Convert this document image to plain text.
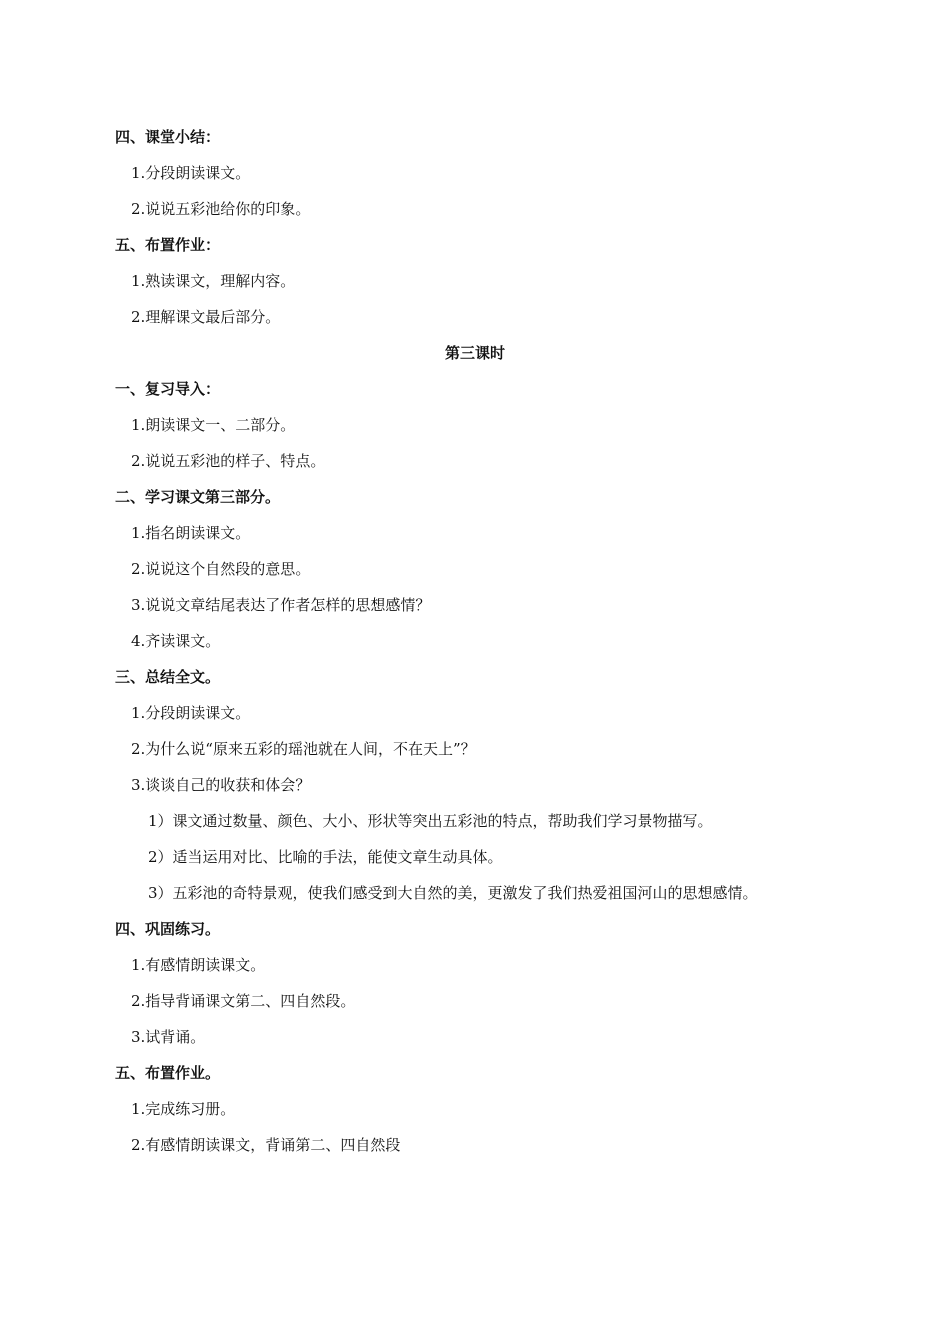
四、课堂小结：
1.分段朗读课文。
2.说说五彩池给你的印象。
五、布置作业：
1.熟读课文，理解内容。
2.理解课文最后部分。
第三课时
一、复习导入：
1.朗读课文一、二部分。
2.说说五彩池的样子、特点。
二、学习课文第三部分。
1.指名朗读课文。
2.说说这个自然段的意思。
3.说说文章结尾表达了作者怎样的思想感情？
4.齐读课文。
三、总结全文。
1.分段朗读课文。
2.为什么说“原来五彩的瑶池就在人间，不在天上”？
3.谈谈自己的收获和体会？
1）课文通过数量、颜色、大小、形状等突出五彩池的特点，帮助我们学习景物描写。
2）适当运用对比、比喻的手法，能使文章生动具体。
3）五彩池的奇特景观，使我们感受到大自然的美，更激发了我们热爱祖国河山的思想感情。
四、巩固练习。
1.有感情朗读课文。
2.指导背诵课文第二、四自然段。
3.试背诵。
五、布置作业。
1.完成练习册。
2.有感情朗读课文，背诵第二、四自然段
